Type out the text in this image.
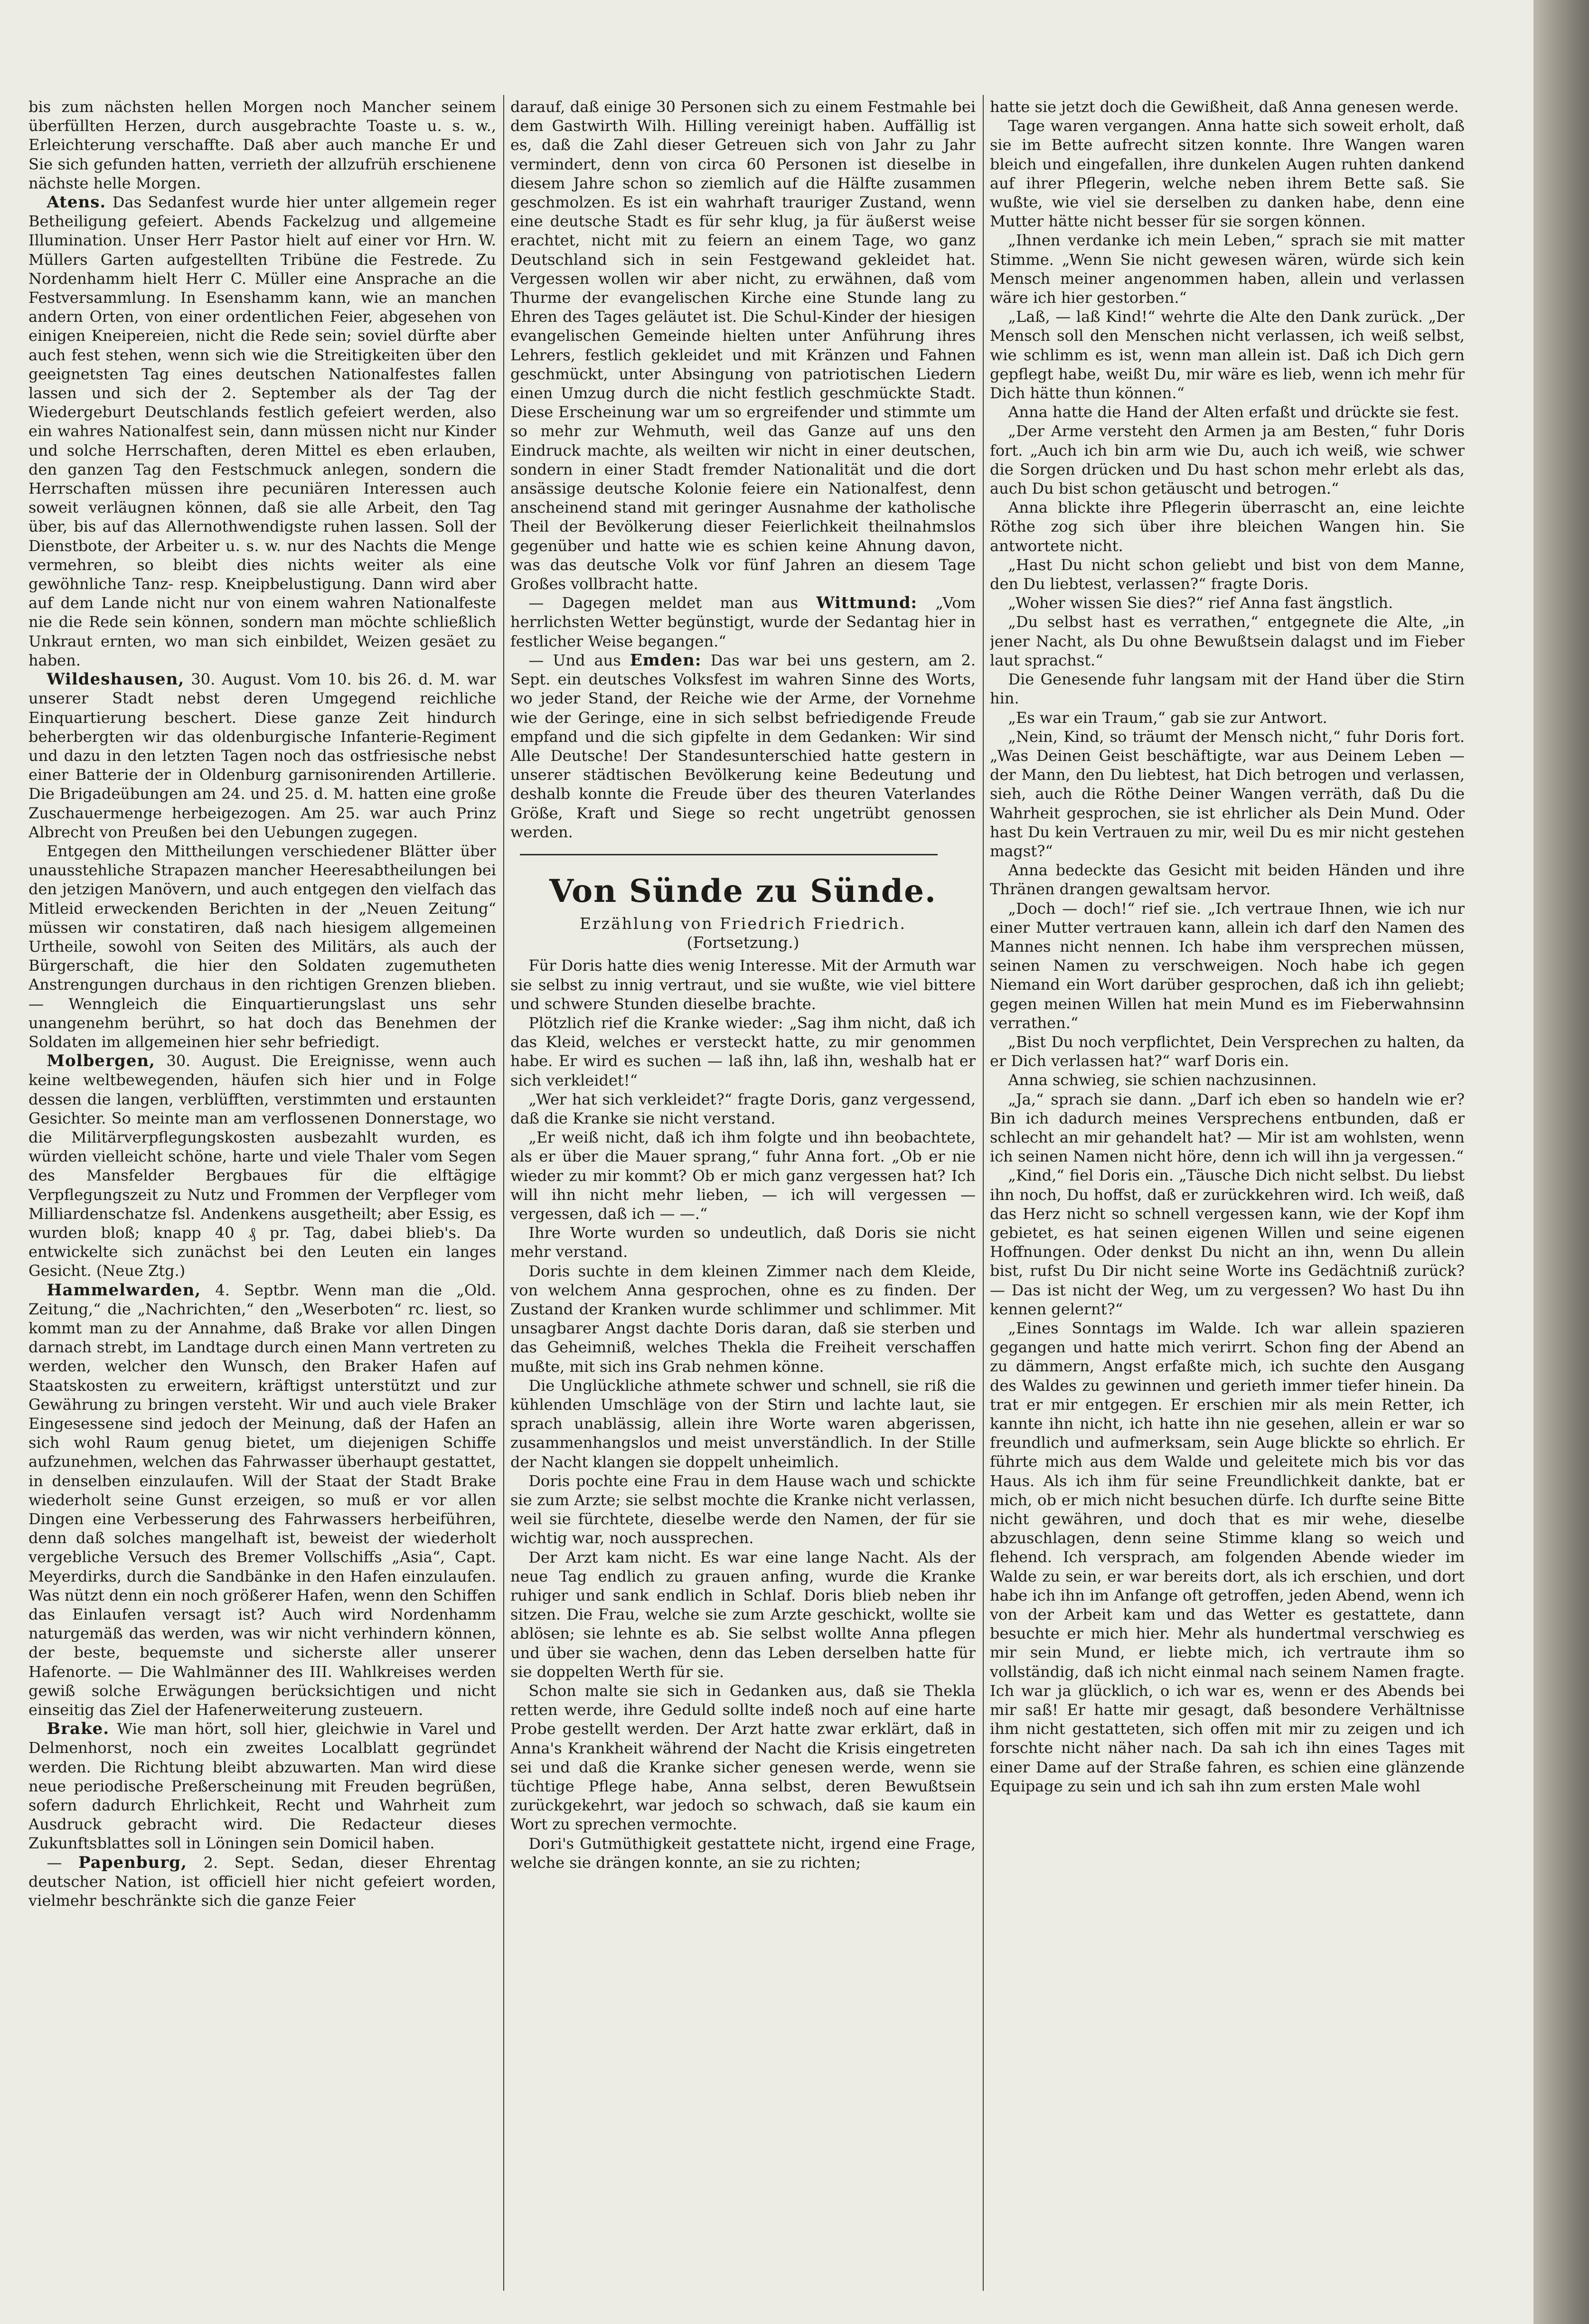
bis zum nächsten hellen Morgen noch Mancher seinem überfüllten Herzen, durch ausgebrachte Toaste u. s. w., Erleichterung verschaffte. Daß aber auch manche Er und Sie sich gefunden hatten, verrieth der allzufrüh erschienene nächste helle Morgen.

Atens. Das Sedanfest wurde hier unter allgemein reger Betheiligung gefeiert. Abends Fackelzug und allgemeine Illumination. Unser Herr Pastor hielt auf einer vor Hrn. W. Müllers Garten aufgestellten Tribüne die Festrede. Zu Nordenhamm hielt Herr C. Müller eine Ansprache an die Festversammlung. In Esenshamm kann, wie an manchen andern Orten, von einer ordentlichen Feier, abgesehen von einigen Kneipereien, nicht die Rede sein; soviel dürfte aber auch fest stehen, wenn sich wie die Streitigkeiten über den geeignetsten Tag eines deutschen Nationalfestes fallen lassen und sich der 2. September als der Tag der Wiedergeburt Deutschlands festlich gefeiert werden, also ein wahres Nationalfest sein, dann müssen nicht nur Kinder und solche Herrschaften, deren Mittel es eben erlauben, den ganzen Tag den Festschmuck anlegen, sondern die Herrschaften müssen ihre pecuniären Interessen auch soweit verläugnen können, daß sie alle Arbeit, den Tag über, bis auf das Allernothwendigste ruhen lassen. Soll der Dienstbote, der Arbeiter u. s. w. nur des Nachts die Menge vermehren, so bleibt dies nichts weiter als eine gewöhnliche Tanz- resp. Kneipbelustigung. Dann wird aber auf dem Lande nicht nur von einem wahren Nationalfeste nie die Rede sein können, sondern man möchte schließlich Unkraut ernten, wo man sich einbildet, Weizen gesäet zu haben.

Wildeshausen, 30. August. Vom 10. bis 26. d. M. war unserer Stadt nebst deren Umgegend reichliche Einquartierung beschert. Diese ganze Zeit hindurch beherbergten wir das oldenburgische Infanterie-Regiment und dazu in den letzten Tagen noch das ostfriesische nebst einer Batterie der in Oldenburg garnisonirenden Artillerie. Die Brigadeübungen am 24. und 25. d. M. hatten eine große Zuschauermenge herbeigezogen. Am 25. war auch Prinz Albrecht von Preußen bei den Uebungen zugegen.

Entgegen den Mittheilungen verschiedener Blätter über unausstehliche Strapazen mancher Heeresabtheilungen bei den jetzigen Manövern, und auch entgegen den vielfach das Mitleid erweckenden Berichten in der „Neuen Zeitung“ müssen wir constatiren, daß nach hiesigem allgemeinen Urtheile, sowohl von Seiten des Militärs, als auch der Bürgerschaft, die hier den Soldaten zugemutheten Anstrengungen durchaus in den richtigen Grenzen blieben. — Wenngleich die Einquartierungslast uns sehr unangenehm berührt, so hat doch das Benehmen der Soldaten im allgemeinen hier sehr befriedigt.

Molbergen, 30. August. Die Ereignisse, wenn auch keine weltbewegenden, häufen sich hier und in Folge dessen die langen, verblüfften, verstimmten und erstaunten Gesichter. So meinte man am verflossenen Donnerstage, wo die Militärverpflegungskosten ausbezahlt wurden, es würden vielleicht schöne, harte und viele Thaler vom Segen des Mansfelder Bergbaues für die elftägige Verpflegungszeit zu Nutz und Frommen der Verpfleger vom Milliardenschatze fsl. Andenkens ausgetheilt; aber Essig, es wurden bloß; knapp 40 ₰ pr. Tag, dabei blieb's. Da entwickelte sich zunächst bei den Leuten ein langes Gesicht. (Neue Ztg.)

Hammelwarden, 4. Septbr. Wenn man die „Old. Zeitung,“ die „Nachrichten,“ den „Weserboten“ rc. liest, so kommt man zu der Annahme, daß Brake vor allen Dingen darnach strebt, im Landtage durch einen Mann vertreten zu werden, welcher den Wunsch, den Braker Hafen auf Staatskosten zu erweitern, kräftigst unterstützt und zur Gewährung zu bringen versteht. Wir und auch viele Braker Eingesessene sind jedoch der Meinung, daß der Hafen an sich wohl Raum genug bietet, um diejenigen Schiffe aufzunehmen, welchen das Fahrwasser überhaupt gestattet, in denselben einzulaufen. Will der Staat der Stadt Brake wiederholt seine Gunst erzeigen, so muß er vor allen Dingen eine Verbesserung des Fahrwassers herbeiführen, denn daß solches mangelhaft ist, beweist der wiederholt vergebliche Versuch des Bremer Vollschiffs „Asia“, Capt. Meyerdirks, durch die Sandbänke in den Hafen einzulaufen. Was nützt denn ein noch größerer Hafen, wenn den Schiffen das Einlaufen versagt ist? Auch wird Nordenhamm naturgemäß das werden, was wir nicht verhindern können, der beste, bequemste und sicherste aller unserer Hafenorte. — Die Wahlmänner des III. Wahlkreises werden gewiß solche Erwägungen berücksichtigen und nicht einseitig das Ziel der Hafenerweiterung zusteuern.

Brake. Wie man hört, soll hier, gleichwie in Varel und Delmenhorst, noch ein zweites Localblatt gegründet werden. Die Richtung bleibt abzuwarten. Man wird diese neue periodische Preßerscheinung mit Freuden begrüßen, sofern dadurch Ehrlichkeit, Recht und Wahrheit zum Ausdruck gebracht wird. Die Redacteur dieses Zukunftsblattes soll in Löningen sein Domicil haben.

— Papenburg, 2. Sept. Sedan, dieser Ehrentag deutscher Nation, ist officiell hier nicht gefeiert worden, vielmehr beschränkte sich die ganze Feier

darauf, daß einige 30 Personen sich zu einem Festmahle bei dem Gastwirth Wilh. Hilling vereinigt haben. Auffällig ist es, daß die Zahl dieser Getreuen sich von Jahr zu Jahr vermindert, denn von circa 60 Personen ist dieselbe in diesem Jahre schon so ziemlich auf die Hälfte zusammen geschmolzen. Es ist ein wahrhaft trauriger Zustand, wenn eine deutsche Stadt es für sehr klug, ja für äußerst weise erachtet, nicht mit zu feiern an einem Tage, wo ganz Deutschland sich in sein Festgewand gekleidet hat. Vergessen wollen wir aber nicht, zu erwähnen, daß vom Thurme der evangelischen Kirche eine Stunde lang zu Ehren des Tages geläutet ist. Die Schul-Kinder der hiesigen evangelischen Gemeinde hielten unter Anführung ihres Lehrers, festlich gekleidet und mit Kränzen und Fahnen geschmückt, unter Absingung von patriotischen Liedern einen Umzug durch die nicht festlich geschmückte Stadt. Diese Erscheinung war um so ergreifender und stimmte um so mehr zur Wehmuth, weil das Ganze auf uns den Eindruck machte, als weilten wir nicht in einer deutschen, sondern in einer Stadt fremder Nationalität und die dort ansässige deutsche Kolonie feiere ein Nationalfest, denn anscheinend stand mit geringer Ausnahme der katholische Theil der Bevölkerung dieser Feierlichkeit theilnahmslos gegenüber und hatte wie es schien keine Ahnung davon, was das deutsche Volk vor fünf Jahren an diesem Tage Großes vollbracht hatte.

— Dagegen meldet man aus Wittmund: „Vom herrlichsten Wetter begünstigt, wurde der Sedantag hier in festlicher Weise begangen.“

— Und aus Emden: Das war bei uns gestern, am 2. Sept. ein deutsches Volksfest im wahren Sinne des Worts, wo jeder Stand, der Reiche wie der Arme, der Vornehme wie der Geringe, eine in sich selbst befriedigende Freude empfand und die sich gipfelte in dem Gedanken: Wir sind Alle Deutsche! Der Standesunterschied hatte gestern in unserer städtischen Bevölkerung keine Bedeutung und deshalb konnte die Freude über des theuren Vaterlandes Größe, Kraft und Siege so recht ungetrübt genossen werden.

Von Sünde zu Sünde.
Erzählung von Friedrich Friedrich.
(Fortsetzung.)

Für Doris hatte dies wenig Interesse. Mit der Armuth war sie selbst zu innig vertraut, und sie wußte, wie viel bittere und schwere Stunden dieselbe brachte.

Plötzlich rief die Kranke wieder: „Sag ihm nicht, daß ich das Kleid, welches er versteckt hatte, zu mir genommen habe. Er wird es suchen — laß ihn, laß ihn, weshalb hat er sich verkleidet!“

„Wer hat sich verkleidet?“ fragte Doris, ganz vergessend, daß die Kranke sie nicht verstand.

„Er weiß nicht, daß ich ihm folgte und ihn beobachtete, als er über die Mauer sprang,“ fuhr Anna fort. „Ob er nie wieder zu mir kommt? Ob er mich ganz vergessen hat? Ich will ihn nicht mehr lieben, — ich will vergessen — vergessen, daß ich — —.“

Ihre Worte wurden so undeutlich, daß Doris sie nicht mehr verstand.

Doris suchte in dem kleinen Zimmer nach dem Kleide, von welchem Anna gesprochen, ohne es zu finden. Der Zustand der Kranken wurde schlimmer und schlimmer. Mit unsagbarer Angst dachte Doris daran, daß sie sterben und das Geheimniß, welches Thekla die Freiheit verschaffen mußte, mit sich ins Grab nehmen könne.

Die Unglückliche athmete schwer und schnell, sie riß die kühlenden Umschläge von der Stirn und lachte laut, sie sprach unablässig, allein ihre Worte waren abgerissen, zusammenhangslos und meist unverständlich. In der Stille der Nacht klangen sie doppelt unheimlich.

Doris pochte eine Frau in dem Hause wach und schickte sie zum Arzte; sie selbst mochte die Kranke nicht verlassen, weil sie fürchtete, dieselbe werde den Namen, der für sie wichtig war, noch aussprechen.

Der Arzt kam nicht. Es war eine lange Nacht. Als der neue Tag endlich zu grauen anfing, wurde die Kranke ruhiger und sank endlich in Schlaf. Doris blieb neben ihr sitzen. Die Frau, welche sie zum Arzte geschickt, wollte sie ablösen; sie lehnte es ab. Sie selbst wollte Anna pflegen und über sie wachen, denn das Leben derselben hatte für sie doppelten Werth für sie.

Schon malte sie sich in Gedanken aus, daß sie Thekla retten werde, ihre Geduld sollte indeß noch auf eine harte Probe gestellt werden. Der Arzt hatte zwar erklärt, daß in Anna's Krankheit während der Nacht die Krisis eingetreten sei und daß die Kranke sicher genesen werde, wenn sie tüchtige Pflege habe, Anna selbst, deren Bewußtsein zurückgekehrt, war jedoch so schwach, daß sie kaum ein Wort zu sprechen vermochte.

Dori's Gutmüthigkeit gestattete nicht, irgend eine Frage, welche sie drängen konnte, an sie zu richten;

hatte sie jetzt doch die Gewißheit, daß Anna genesen werde.

Tage waren vergangen. Anna hatte sich soweit erholt, daß sie im Bette aufrecht sitzen konnte. Ihre Wangen waren bleich und eingefallen, ihre dunkelen Augen ruhten dankend auf ihrer Pflegerin, welche neben ihrem Bette saß. Sie wußte, wie viel sie derselben zu danken habe, denn eine Mutter hätte nicht besser für sie sorgen können.

„Ihnen verdanke ich mein Leben,“ sprach sie mit matter Stimme. „Wenn Sie nicht gewesen wären, würde sich kein Mensch meiner angenommen haben, allein und verlassen wäre ich hier gestorben.“

„Laß, — laß Kind!“ wehrte die Alte den Dank zurück. „Der Mensch soll den Menschen nicht verlassen, ich weiß selbst, wie schlimm es ist, wenn man allein ist. Daß ich Dich gern gepflegt habe, weißt Du, mir wäre es lieb, wenn ich mehr für Dich hätte thun können.“

Anna hatte die Hand der Alten erfaßt und drückte sie fest.

„Der Arme versteht den Armen ja am Besten,“ fuhr Doris fort. „Auch ich bin arm wie Du, auch ich weiß, wie schwer die Sorgen drücken und Du hast schon mehr erlebt als das, auch Du bist schon getäuscht und betrogen.“

Anna blickte ihre Pflegerin überrascht an, eine leichte Röthe zog sich über ihre bleichen Wangen hin. Sie antwortete nicht.

„Hast Du nicht schon geliebt und bist von dem Manne, den Du liebtest, verlassen?“ fragte Doris.

„Woher wissen Sie dies?“ rief Anna fast ängstlich.

„Du selbst hast es verrathen,“ entgegnete die Alte, „in jener Nacht, als Du ohne Bewußtsein dalagst und im Fieber laut sprachst.“

Die Genesende fuhr langsam mit der Hand über die Stirn hin.

„Es war ein Traum,“ gab sie zur Antwort.

„Nein, Kind, so träumt der Mensch nicht,“ fuhr Doris fort. „Was Deinen Geist beschäftigte, war aus Deinem Leben — der Mann, den Du liebtest, hat Dich betrogen und verlassen, sieh, auch die Röthe Deiner Wangen verräth, daß Du die Wahrheit gesprochen, sie ist ehrlicher als Dein Mund. Oder hast Du kein Vertrauen zu mir, weil Du es mir nicht gestehen magst?“

Anna bedeckte das Gesicht mit beiden Händen und ihre Thränen drangen gewaltsam hervor.

„Doch — doch!“ rief sie. „Ich vertraue Ihnen, wie ich nur einer Mutter vertrauen kann, allein ich darf den Namen des Mannes nicht nennen. Ich habe ihm versprechen müssen, seinen Namen zu verschweigen. Noch habe ich gegen Niemand ein Wort darüber gesprochen, daß ich ihn geliebt; gegen meinen Willen hat mein Mund es im Fieberwahnsinn verrathen.“

„Bist Du noch verpflichtet, Dein Versprechen zu halten, da er Dich verlassen hat?“ warf Doris ein.

Anna schwieg, sie schien nachzusinnen.

„Ja,“ sprach sie dann. „Darf ich eben so handeln wie er? Bin ich dadurch meines Versprechens entbunden, daß er schlecht an mir gehandelt hat? — Mir ist am wohlsten, wenn ich seinen Namen nicht höre, denn ich will ihn ja vergessen.“

„Kind,“ fiel Doris ein. „Täusche Dich nicht selbst. Du liebst ihn noch, Du hoffst, daß er zurückkehren wird. Ich weiß, daß das Herz nicht so schnell vergessen kann, wie der Kopf ihm gebietet, es hat seinen eigenen Willen und seine eigenen Hoffnungen. Oder denkst Du nicht an ihn, wenn Du allein bist, rufst Du Dir nicht seine Worte ins Gedächtniß zurück? — Das ist nicht der Weg, um zu vergessen? Wo hast Du ihn kennen gelernt?“

„Eines Sonntags im Walde. Ich war allein spazieren gegangen und hatte mich verirrt. Schon fing der Abend an zu dämmern, Angst erfaßte mich, ich suchte den Ausgang des Waldes zu gewinnen und gerieth immer tiefer hinein. Da trat er mir entgegen. Er erschien mir als mein Retter, ich kannte ihn nicht, ich hatte ihn nie gesehen, allein er war so freundlich und aufmerksam, sein Auge blickte so ehrlich. Er führte mich aus dem Walde und geleitete mich bis vor das Haus. Als ich ihm für seine Freundlichkeit dankte, bat er mich, ob er mich nicht besuchen dürfe. Ich durfte seine Bitte nicht gewähren, und doch that es mir wehe, dieselbe abzuschlagen, denn seine Stimme klang so weich und flehend. Ich versprach, am folgenden Abende wieder im Walde zu sein, er war bereits dort, als ich erschien, und dort habe ich ihn im Anfange oft getroffen, jeden Abend, wenn ich von der Arbeit kam und das Wetter es gestattete, dann besuchte er mich hier. Mehr als hundertmal verschwieg es mir sein Mund, er liebte mich, ich vertraute ihm so vollständig, daß ich nicht einmal nach seinem Namen fragte. Ich war ja glücklich, o ich war es, wenn er des Abends bei mir saß! Er hatte mir gesagt, daß besondere Verhältnisse ihm nicht gestatteten, sich offen mit mir zu zeigen und ich forschte nicht näher nach. Da sah ich ihn eines Tages mit einer Dame auf der Straße fahren, es schien eine glänzende Equipage zu sein und ich sah ihn zum ersten Male wohl
